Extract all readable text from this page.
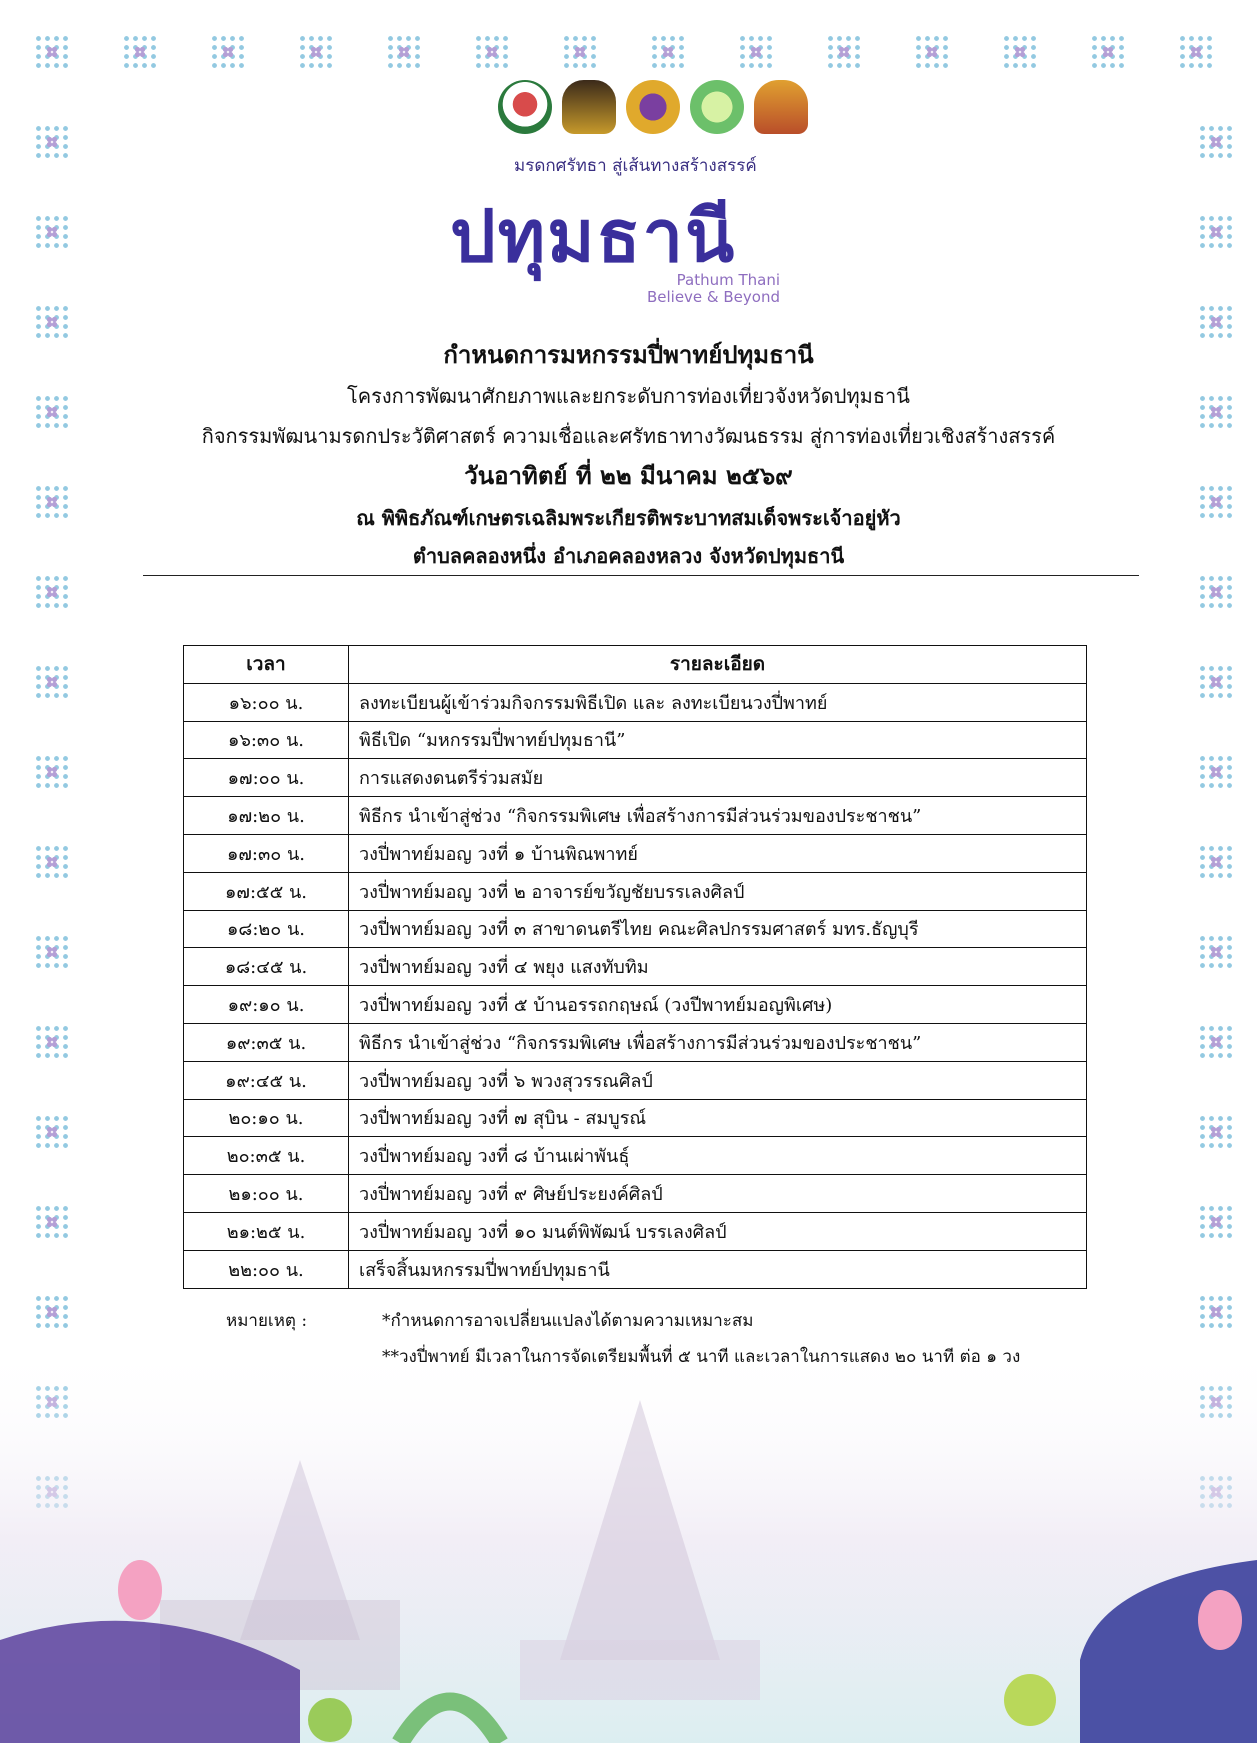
มรดกศรัทธา สู่เส้นทางสร้างสรรค์
ปทุมธานี
Pathum Thani
Believe & Beyond
กำหนดการมหกรรมปี่พาทย์ปทุมธานี
โครงการพัฒนาศักยภาพและยกระดับการท่องเที่ยวจังหวัดปทุมธานี
กิจกรรมพัฒนามรดกประวัติศาสตร์ ความเชื่อและศรัทธาทางวัฒนธรรม สู่การท่องเที่ยวเชิงสร้างสรรค์
วันอาทิตย์ ที่ ๒๒ มีนาคม ๒๕๖๙
ณ พิพิธภัณฑ์เกษตรเฉลิมพระเกียรติพระบาทสมเด็จพระเจ้าอยู่หัว
ตำบลคลองหนึ่ง อำเภอคลองหลวง จังหวัดปทุมธานี
เวลา	รายละเอียด
๑๖:๐๐ น.	ลงทะเบียนผู้เข้าร่วมกิจกรรมพิธีเปิด และ ลงทะเบียนวงปี่พาทย์
๑๖:๓๐ น.	พิธีเปิด “มหกรรมปี่พาทย์ปทุมธานี”
๑๗:๐๐ น.	การแสดงดนตรีร่วมสมัย
๑๗:๒๐ น.	พิธีกร นำเข้าสู่ช่วง “กิจกรรมพิเศษ เพื่อสร้างการมีส่วนร่วมของประชาชน”
๑๗:๓๐ น.	วงปี่พาทย์มอญ วงที่ ๑ บ้านพิณพาทย์
๑๗:๕๕ น.	วงปี่พาทย์มอญ วงที่ ๒ อาจารย์ขวัญชัยบรรเลงศิลป์
๑๘:๒๐ น.	วงปี่พาทย์มอญ วงที่ ๓ สาขาดนตรีไทย คณะศิลปกรรมศาสตร์ มทร.ธัญบุรี
๑๘:๔๕ น.	วงปี่พาทย์มอญ วงที่ ๔ พยุง แสงทับทิม
๑๙:๑๐ น.	วงปี่พาทย์มอญ วงที่ ๕ บ้านอรรถกฤษณ์ (วงปีพาทย์มอญพิเศษ)
๑๙:๓๕ น.	พิธีกร นำเข้าสู่ช่วง “กิจกรรมพิเศษ เพื่อสร้างการมีส่วนร่วมของประชาชน”
๑๙:๔๕ น.	วงปี่พาทย์มอญ วงที่ ๖ พวงสุวรรณศิลป์
๒๐:๑๐ น.	วงปี่พาทย์มอญ วงที่ ๗ สุบิน - สมบูรณ์
๒๐:๓๕ น.	วงปี่พาทย์มอญ วงที่ ๘ บ้านเผ่าพันธุ์
๒๑:๐๐ น.	วงปี่พาทย์มอญ วงที่ ๙ ศิษย์ประยงค์ศิลป์
๒๑:๒๕ น.	วงปี่พาทย์มอญ วงที่ ๑๐ มนต์พิพัฒน์ บรรเลงศิลป์
๒๒:๐๐ น.	เสร็จสิ้นมหกรรมปี่พาทย์ปทุมธานี
หมายเหตุ :	*กำหนดการอาจเปลี่ยนแปลงได้ตามความเหมาะสม
**วงปี่พาทย์ มีเวลาในการจัดเตรียมพื้นที่ ๕ นาที และเวลาในการแสดง ๒๐ นาที ต่อ ๑ วง
